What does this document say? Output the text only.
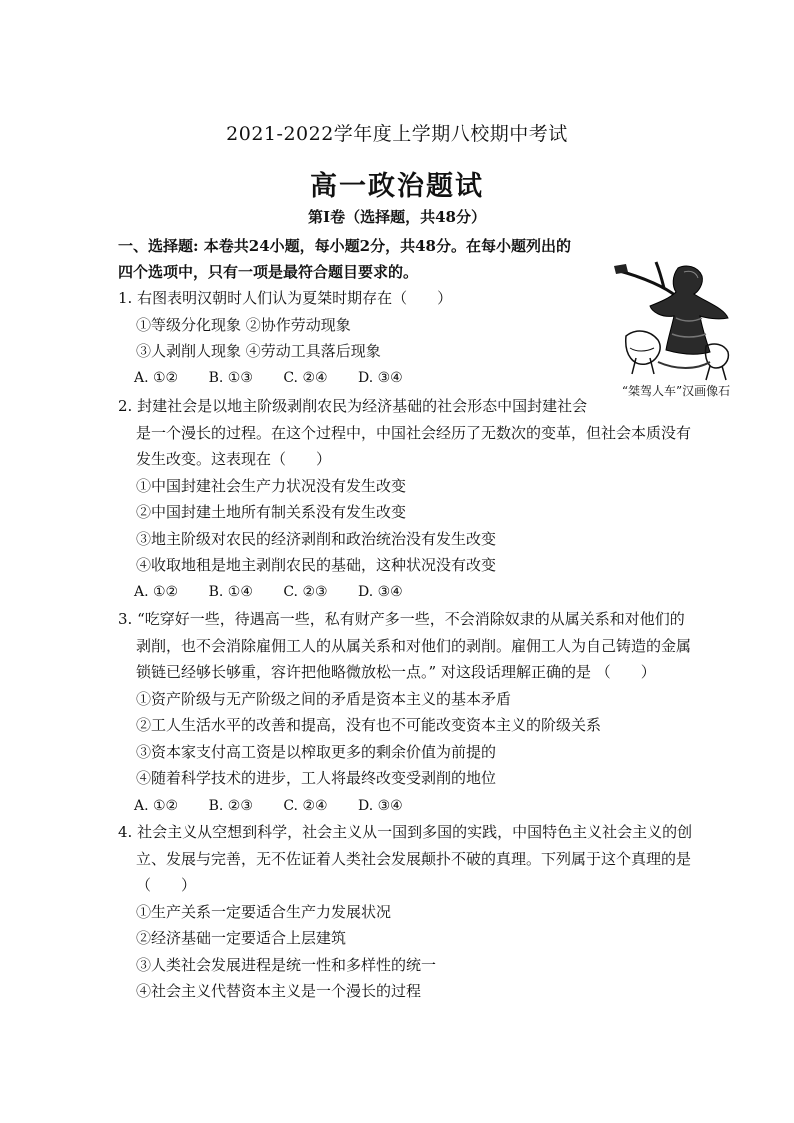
2021-2022学年度上学期八校期中考试
高一政治题试
第Ⅰ卷（选择题，共48分）
一、选择题: 本卷共24小题，每小题2分，共48分。在每小题列出的
四个选项中，只有一项是最符合题目要求的。
“桀驾人车”汉画像石
1. 右图表明汉朝时人们认为夏桀时期存在（　　）
①等级分化现象 ②协作劳动现象
③人剥削人现象 ④劳动工具落后现象
A. ①② B. ①③ C. ②④ D. ③④
2. 封建社会是以地主阶级剥削农民为经济基础的社会形态中国封建社会
是一个漫长的过程。在这个过程中，中国社会经历了无数次的变革，但社会本质没有
发生改变。这表现在（　　）
①中国封建社会生产力状况没有发生改变
②中国封建土地所有制关系没有发生改变
③地主阶级对农民的经济剥削和政治统治没有发生改变
④收取地租是地主剥削农民的基础，这种状况没有改变
A. ①② B. ①④ C. ②③ D. ③④
3. “吃穿好一些，待遇高一些，私有财产多一些，不会消除奴隶的从属关系和对他们的
剥削，也不会消除雇佣工人的从属关系和对他们的剥削。雇佣工人为自己铸造的金属
锁链已经够长够重，容许把他略微放松一点。” 对这段话理解正确的是 （　　）
①资产阶级与无产阶级之间的矛盾是资本主义的基本矛盾
②工人生活水平的改善和提高，没有也不可能改变资本主义的阶级关系
③资本家支付高工资是以榨取更多的剩余价值为前提的
④随着科学技术的进步，工人将最终改变受剥削的地位
A. ①② B. ②③ C. ②④ D. ③④
4. 社会主义从空想到科学，社会主义从一国到多国的实践，中国特色主义社会主义的创
立、发展与完善，无不佐证着人类社会发展颠扑不破的真理。下列属于这个真理的是
（　　）
①生产关系一定要适合生产力发展状况
②经济基础一定要适合上层建筑
③人类社会发展进程是统一性和多样性的统一
④社会主义代替资本主义是一个漫长的过程
